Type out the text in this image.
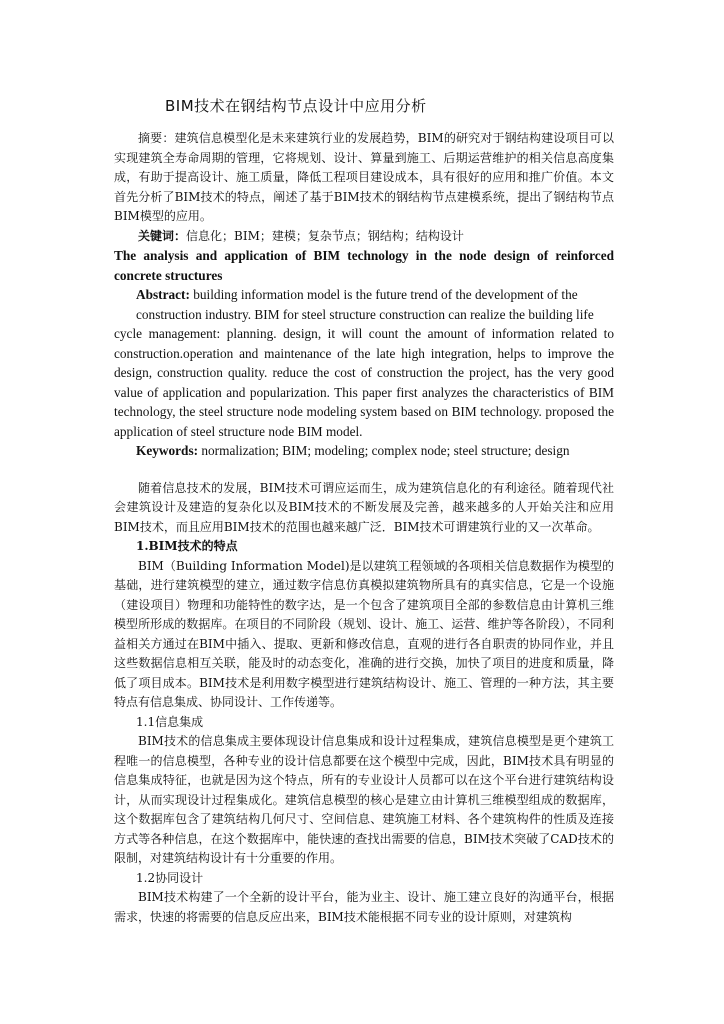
BIM技术在钢结构节点设计中应用分析

摘要：建筑信息模型化是未来建筑行业的发展趋势，BIM的研究对于钢结构建设项目可以实现建筑全寿命周期的管理，它将规划、设计、算量到施工、后期运营维护的相关信息高度集成，有助于提高设计、施工质量，降低工程项目建设成本，具有很好的应用和推广价值。本文首先分析了BIM技术的特点，阐述了基于BIM技术的钢结构节点建模系统，提出了钢结构节点BIM模型的应用。

关键词：信息化；BIM；建模；复杂节点；钢结构；结构设计

The analysis and application of BIM technology in the node design of reinforced concrete structures

Abstract: building information model is the future trend of the development of the

construction industry. BIM for steel structure construction can realize the building life

cycle management: planning. design, it will count the amount of information related to construction.operation and maintenance of the late high integration, helps to improve the design, construction quality. reduce the cost of construction the project, has the very good value of application and popularization. This paper first analyzes the characteristics of BIM technology, the steel structure node modeling system based on BIM technology. proposed the application of steel structure node BIM model.

Keywords: normalization; BIM; modeling; complex node; steel structure; design

随着信息技术的发展，BIM技术可谓应运而生，成为建筑信息化的有利途径。随着现代社会建筑设计及建造的复杂化以及BIM技术的不断发展及完善，越来越多的人开始关注和应用BIM技术，而且应用BIM技术的范围也越来越广泛．BIM技术可谓建筑行业的又一次革命。

1.BIM技术的特点

BIM（Building Information Model)是以建筑工程领域的各项相关信息数据作为模型的基础，进行建筑模型的建立，通过数字信息仿真模拟建筑物所具有的真实信息，它是一个设施（建设项目）物理和功能特性的数字达，是一个包含了建筑项目全部的参数信息由计算机三维模型所形成的数据库。在项目的不同阶段（规划、设计、施工、运营、维护等各阶段），不同利益相关方通过在BIM中插入、提取、更新和修改信息，直观的进行各自职责的协同作业，并且这些数据信息相互关联，能及时的动态变化，准确的进行交换，加快了项目的进度和质量，降低了项目成本。BIM技术是利用数字模型进行建筑结构设计、施工、管理的一种方法，其主要特点有信息集成、协同设计、工作传递等。

1.1信息集成

BIM技术的信息集成主要体现设计信息集成和设计过程集成，建筑信息模型是更个建筑工程唯一的信息模型，各种专业的设计信息都要在这个模型中完成，因此，BIM技术具有明显的信息集成特征，也就是因为这个特点，所有的专业设计人员都可以在这个平台进行建筑结构设计，从而实现设计过程集成化。建筑信息模型的核心是建立由计算机三维模型组成的数据库，这个数据库包含了建筑结构几何尺寸、空间信息、建筑施工材料、各个建筑构件的性质及连接方式等各种信息，在这个数据库中，能快速的查找出需要的信息，BIM技术突破了CAD技术的限制，对建筑结构设计有十分重要的作用。

1.2协同设计

BIM技术构建了一个全新的设计平台，能为业主、设计、施工建立良好的沟通平台，根据需求，快速的将需要的信息反应出来，BIM技术能根据不同专业的设计原则，对建筑构
